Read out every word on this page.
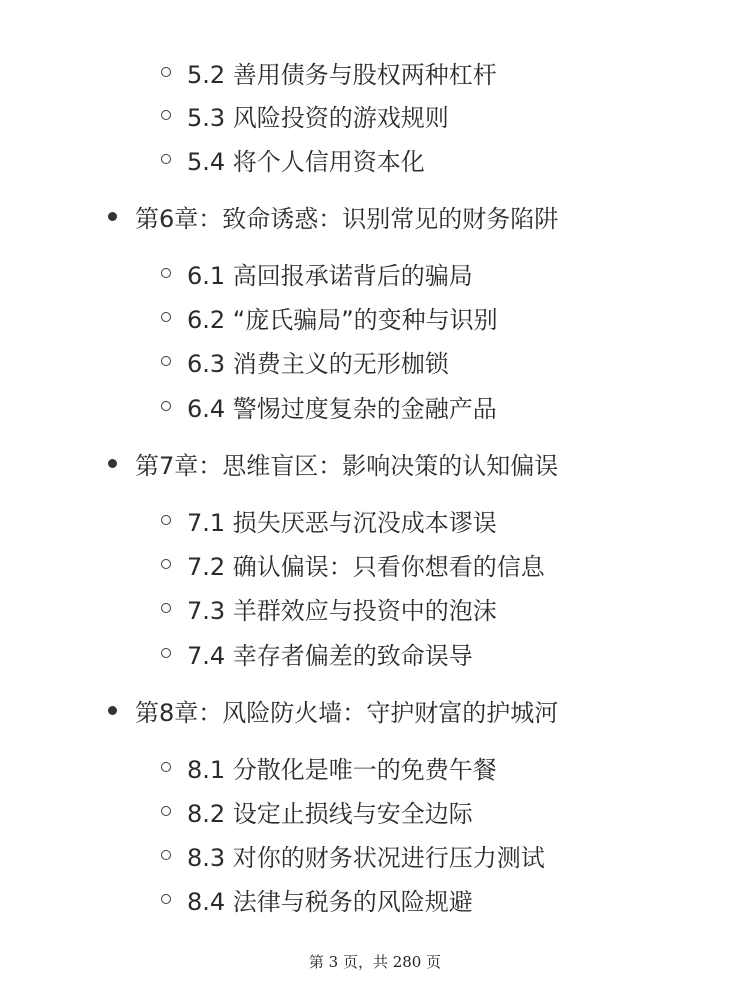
5.2 善用债务与股权两种杠杆
5.3 风险投资的游戏规则
5.4 将个人信用资本化
第6章：致命诱惑：识别常见的财务陷阱
6.1 高回报承诺背后的骗局
6.2 “庞氏骗局”的变种与识别
6.3 消费主义的无形枷锁
6.4 警惕过度复杂的金融产品
第7章：思维盲区：影响决策的认知偏误
7.1 损失厌恶与沉没成本谬误
7.2 确认偏误：只看你想看的信息
7.3 羊群效应与投资中的泡沫
7.4 幸存者偏差的致命误导
第8章：风险防火墙：守护财富的护城河
8.1 分散化是唯一的免费午餐
8.2 设定止损线与安全边际
8.3 对你的财务状况进行压力测试
8.4 法律与税务的风险规避
第 3 页，共 280 页
